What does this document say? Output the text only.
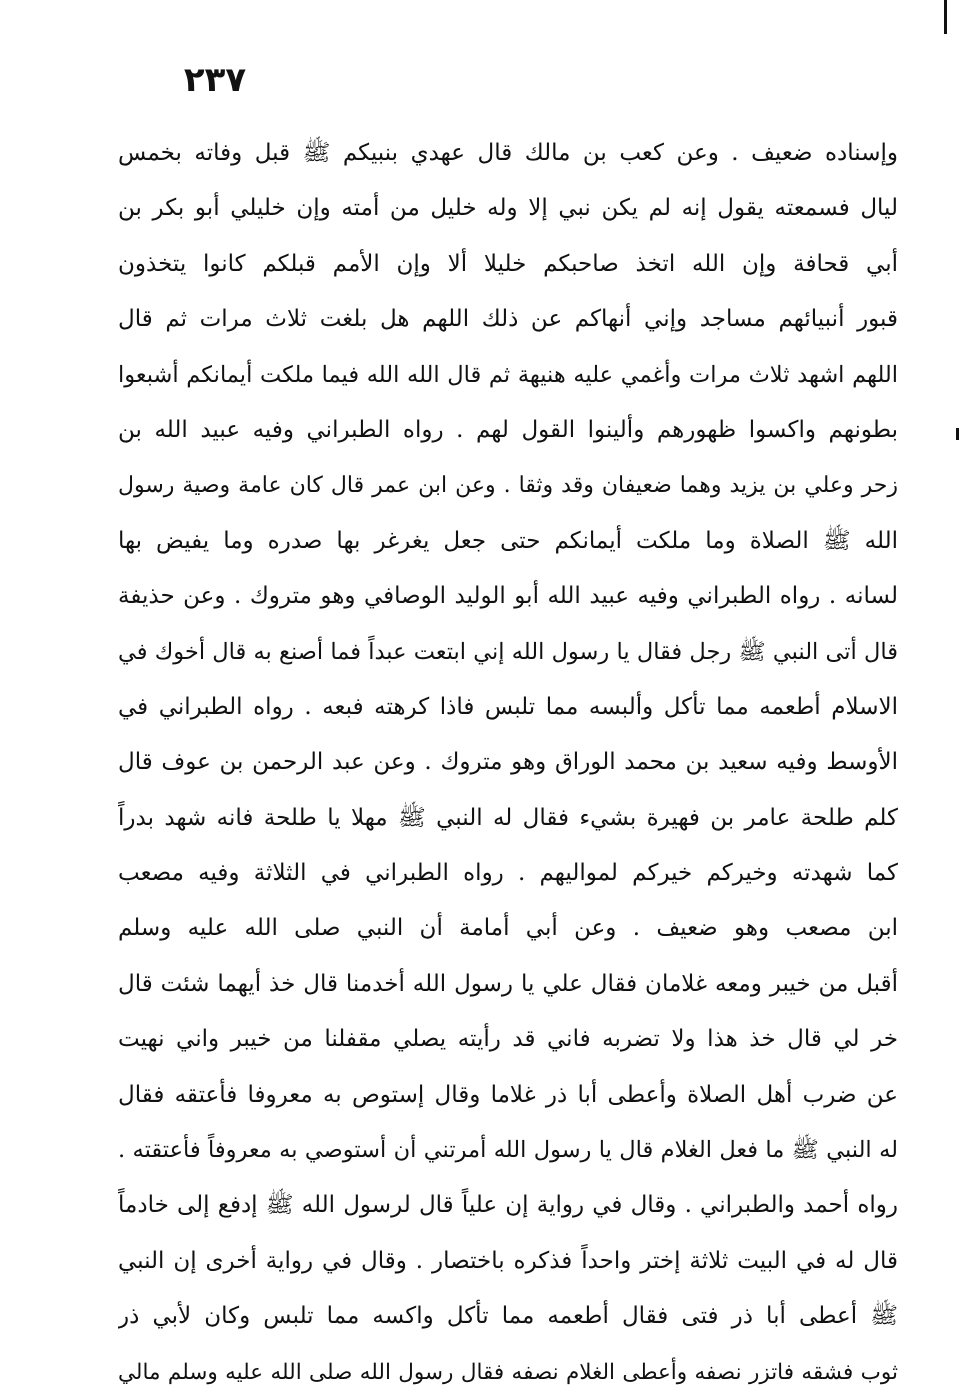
٢٣٧
وإسناده ضعيف . وعن كعب بن مالك قال عهدي بنبيكم ﷺ قبل وفاته بخمس
ليال فسمعته يقول إنه لم يكن نبي إلا وله خليل من أمته وإن خليلي أبو بكر بن
أبي قحافة وإن الله اتخذ صاحبكم خليلا ألا وإن الأمم قبلكم كانوا يتخذون
قبور أنبيائهم مساجد وإني أنهاكم عن ذلك اللهم هل بلغت ثلاث مرات ثم قال
اللهم اشهد ثلاث مرات وأغمي عليه هنيهة ثم قال الله الله فيما ملكت أيمانكم أشبعوا
بطونهم واكسوا ظهورهم وألينوا القول لهم . رواه الطبراني وفيه عبيد الله بن
زحر وعلي بن يزيد وهما ضعيفان وقد وثقا . وعن ابن عمر قال كان عامة وصية رسول
الله ﷺ الصلاة وما ملكت أيمانكم حتى جعل يغرغر بها صدره وما يفيض بها
لسانه . رواه الطبراني وفيه عبيد الله أبو الوليد الوصافي وهو متروك . وعن حذيفة
قال أتى النبي ﷺ رجل فقال يا رسول الله إني ابتعت عبداً فما أصنع به قال أخوك في
الاسلام أطعمه مما تأكل وألبسه مما تلبس فاذا كرهته فبعه . رواه الطبراني في
الأوسط وفيه سعيد بن محمد الوراق وهو متروك . وعن عبد الرحمن بن عوف قال
كلم طلحة عامر بن فهيرة بشيء فقال له النبي ﷺ مهلا يا طلحة فانه شهد بدراً
كما شهدته وخيركم خيركم لمواليهم . رواه الطبراني في الثلاثة وفيه مصعب
ابن مصعب وهو ضعيف . وعن أبي أمامة أن النبي صلى الله عليه وسلم
أقبل من خيبر ومعه غلامان فقال علي يا رسول الله أخدمنا قال خذ أيهما شئت قال
خر لي قال خذ هذا ولا تضربه فاني قد رأيته يصلي مقفلنا من خيبر واني نهيت
عن ضرب أهل الصلاة وأعطى أبا ذر غلاما وقال إستوص به معروفا فأعتقه فقال
له النبي ﷺ ما فعل الغلام قال يا رسول الله أمرتني أن أستوصي به معروفاً فأعتقته .
رواه أحمد والطبراني . وقال في رواية إن علياً قال لرسول الله ﷺ إدفع إلى خادماً
قال له في البيت ثلاثة إختر واحداً فذكره باختصار . وقال في رواية أخرى إن النبي
ﷺ أعطى أبا ذر فتى فقال أطعمه مما تأكل واكسه مما تلبس وكان لأبي ذر
ثوب فشقه فاتزر نصفه وأعطى الغلام نصفه فقال رسول الله صلى الله عليه وسلم مالي
